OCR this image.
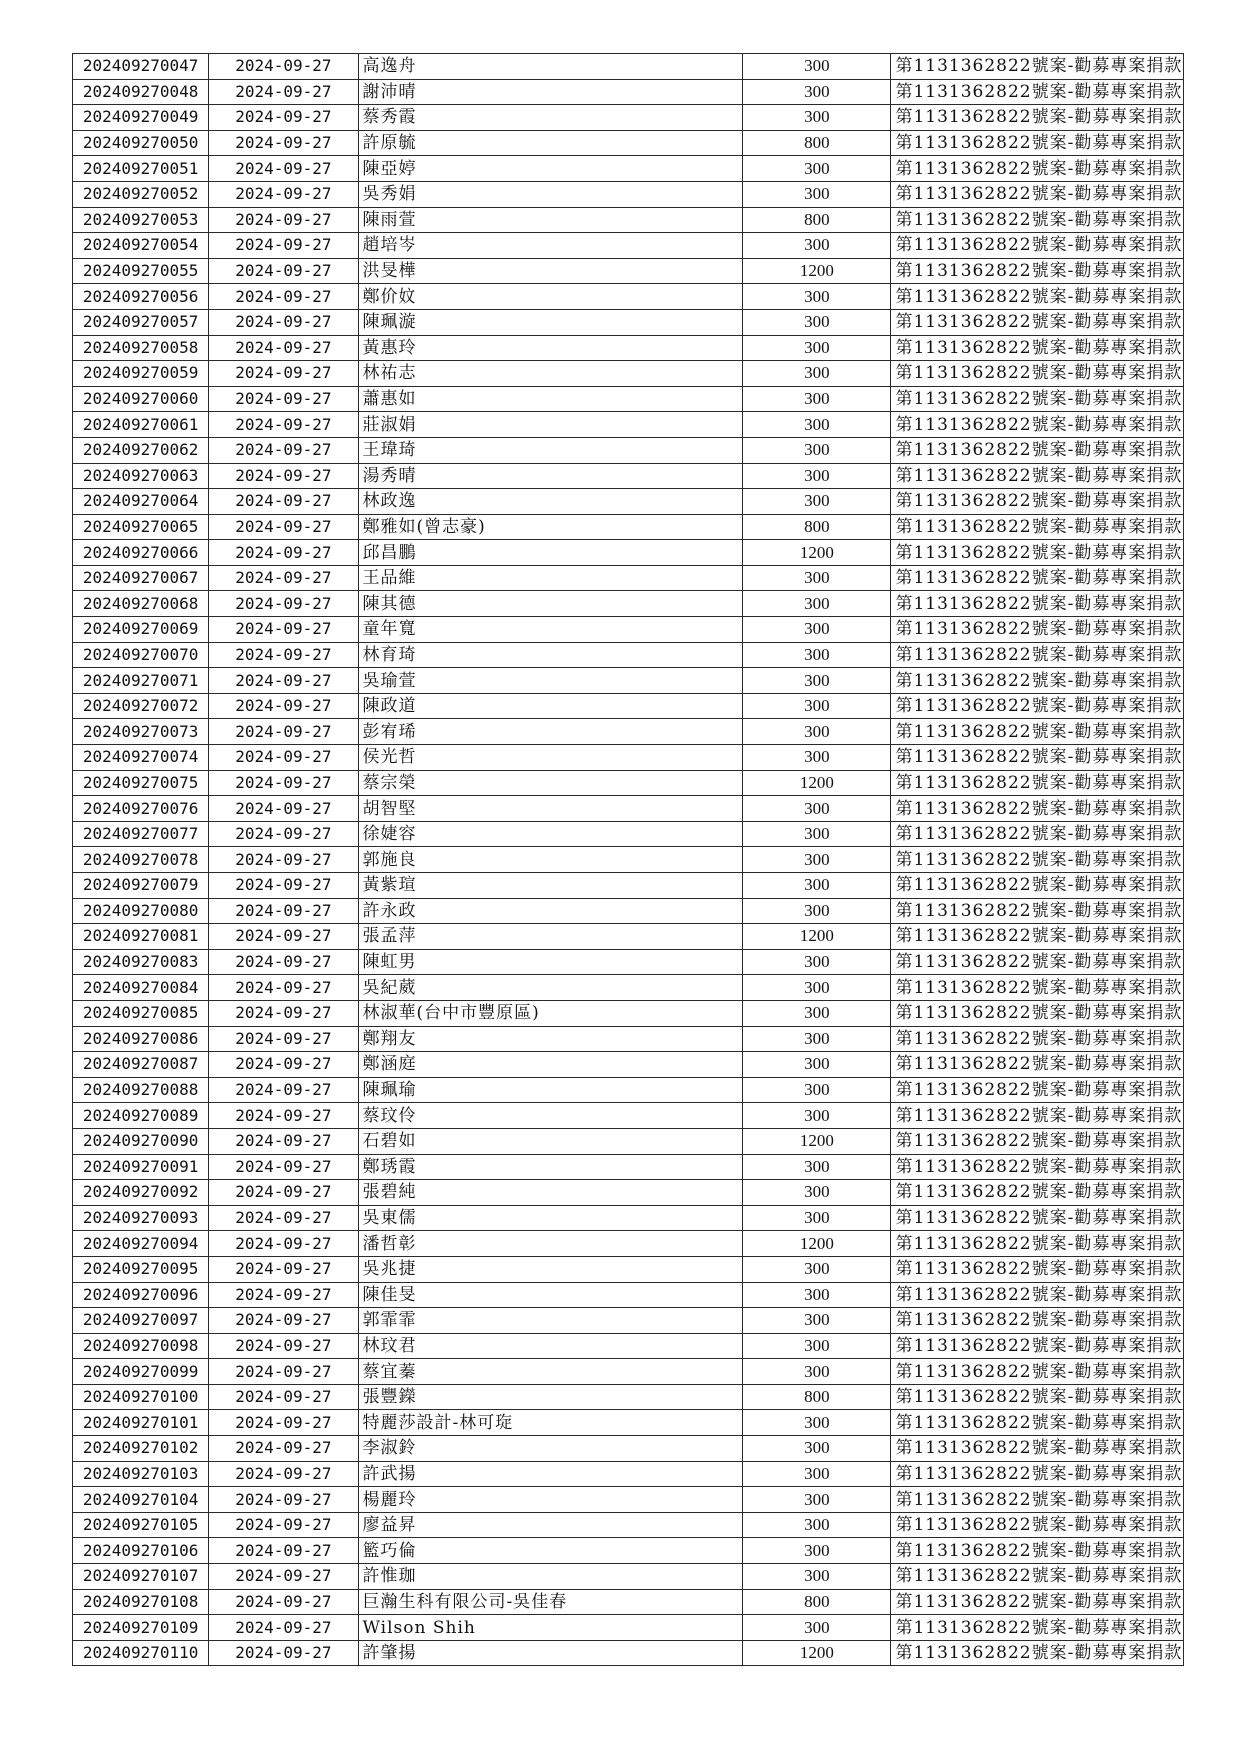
202409270047	2024-09-27	高逸舟	300	第1131362822號案-勸募專案捐款
202409270048	2024-09-27	謝沛晴	300	第1131362822號案-勸募專案捐款
202409270049	2024-09-27	蔡秀霞	300	第1131362822號案-勸募專案捐款
202409270050	2024-09-27	許原毓	800	第1131362822號案-勸募專案捐款
202409270051	2024-09-27	陳亞婷	300	第1131362822號案-勸募專案捐款
202409270052	2024-09-27	吳秀娟	300	第1131362822號案-勸募專案捐款
202409270053	2024-09-27	陳雨萱	800	第1131362822號案-勸募專案捐款
202409270054	2024-09-27	趙培岑	300	第1131362822號案-勸募專案捐款
202409270055	2024-09-27	洪旻樺	1200	第1131362822號案-勸募專案捐款
202409270056	2024-09-27	鄭价妏	300	第1131362822號案-勸募專案捐款
202409270057	2024-09-27	陳珮漩	300	第1131362822號案-勸募專案捐款
202409270058	2024-09-27	黃惠玲	300	第1131362822號案-勸募專案捐款
202409270059	2024-09-27	林祐志	300	第1131362822號案-勸募專案捐款
202409270060	2024-09-27	蕭惠如	300	第1131362822號案-勸募專案捐款
202409270061	2024-09-27	莊淑娟	300	第1131362822號案-勸募專案捐款
202409270062	2024-09-27	王瑋琦	300	第1131362822號案-勸募專案捐款
202409270063	2024-09-27	湯秀晴	300	第1131362822號案-勸募專案捐款
202409270064	2024-09-27	林政逸	300	第1131362822號案-勸募專案捐款
202409270065	2024-09-27	鄭雅如(曾志豪)	800	第1131362822號案-勸募專案捐款
202409270066	2024-09-27	邱昌鵬	1200	第1131362822號案-勸募專案捐款
202409270067	2024-09-27	王品維	300	第1131362822號案-勸募專案捐款
202409270068	2024-09-27	陳其德	300	第1131362822號案-勸募專案捐款
202409270069	2024-09-27	童年寬	300	第1131362822號案-勸募專案捐款
202409270070	2024-09-27	林育琦	300	第1131362822號案-勸募專案捐款
202409270071	2024-09-27	吳瑜萱	300	第1131362822號案-勸募專案捐款
202409270072	2024-09-27	陳政道	300	第1131362822號案-勸募專案捐款
202409270073	2024-09-27	彭宥琋	300	第1131362822號案-勸募專案捐款
202409270074	2024-09-27	侯光哲	300	第1131362822號案-勸募專案捐款
202409270075	2024-09-27	蔡宗榮	1200	第1131362822號案-勸募專案捐款
202409270076	2024-09-27	胡智堅	300	第1131362822號案-勸募專案捐款
202409270077	2024-09-27	徐婕容	300	第1131362822號案-勸募專案捐款
202409270078	2024-09-27	郭施良	300	第1131362822號案-勸募專案捐款
202409270079	2024-09-27	黃紫瑄	300	第1131362822號案-勸募專案捐款
202409270080	2024-09-27	許永政	300	第1131362822號案-勸募專案捐款
202409270081	2024-09-27	張孟萍	1200	第1131362822號案-勸募專案捐款
202409270083	2024-09-27	陳虹男	300	第1131362822號案-勸募專案捐款
202409270084	2024-09-27	吳紀葳	300	第1131362822號案-勸募專案捐款
202409270085	2024-09-27	林淑華(台中市豐原區)	300	第1131362822號案-勸募專案捐款
202409270086	2024-09-27	鄭翔友	300	第1131362822號案-勸募專案捐款
202409270087	2024-09-27	鄭涵庭	300	第1131362822號案-勸募專案捐款
202409270088	2024-09-27	陳珮瑜	300	第1131362822號案-勸募專案捐款
202409270089	2024-09-27	蔡玟伶	300	第1131362822號案-勸募專案捐款
202409270090	2024-09-27	石碧如	1200	第1131362822號案-勸募專案捐款
202409270091	2024-09-27	鄭琇霞	300	第1131362822號案-勸募專案捐款
202409270092	2024-09-27	張碧純	300	第1131362822號案-勸募專案捐款
202409270093	2024-09-27	吳東儒	300	第1131362822號案-勸募專案捐款
202409270094	2024-09-27	潘哲彰	1200	第1131362822號案-勸募專案捐款
202409270095	2024-09-27	吳兆捷	300	第1131362822號案-勸募專案捐款
202409270096	2024-09-27	陳佳旻	300	第1131362822號案-勸募專案捐款
202409270097	2024-09-27	郭霏霏	300	第1131362822號案-勸募專案捐款
202409270098	2024-09-27	林玟君	300	第1131362822號案-勸募專案捐款
202409270099	2024-09-27	蔡宜蓁	300	第1131362822號案-勸募專案捐款
202409270100	2024-09-27	張豐鑅	800	第1131362822號案-勸募專案捐款
202409270101	2024-09-27	特麗莎設計-林可琁	300	第1131362822號案-勸募專案捐款
202409270102	2024-09-27	李淑鈴	300	第1131362822號案-勸募專案捐款
202409270103	2024-09-27	許武揚	300	第1131362822號案-勸募專案捐款
202409270104	2024-09-27	楊麗玲	300	第1131362822號案-勸募專案捐款
202409270105	2024-09-27	廖益昇	300	第1131362822號案-勸募專案捐款
202409270106	2024-09-27	籃巧倫	300	第1131362822號案-勸募專案捐款
202409270107	2024-09-27	許惟珈	300	第1131362822號案-勸募專案捐款
202409270108	2024-09-27	巨瀚生科有限公司-吳佳春	800	第1131362822號案-勸募專案捐款
202409270109	2024-09-27	Wilson Shih	300	第1131362822號案-勸募專案捐款
202409270110	2024-09-27	許肇揚	1200	第1131362822號案-勸募專案捐款
